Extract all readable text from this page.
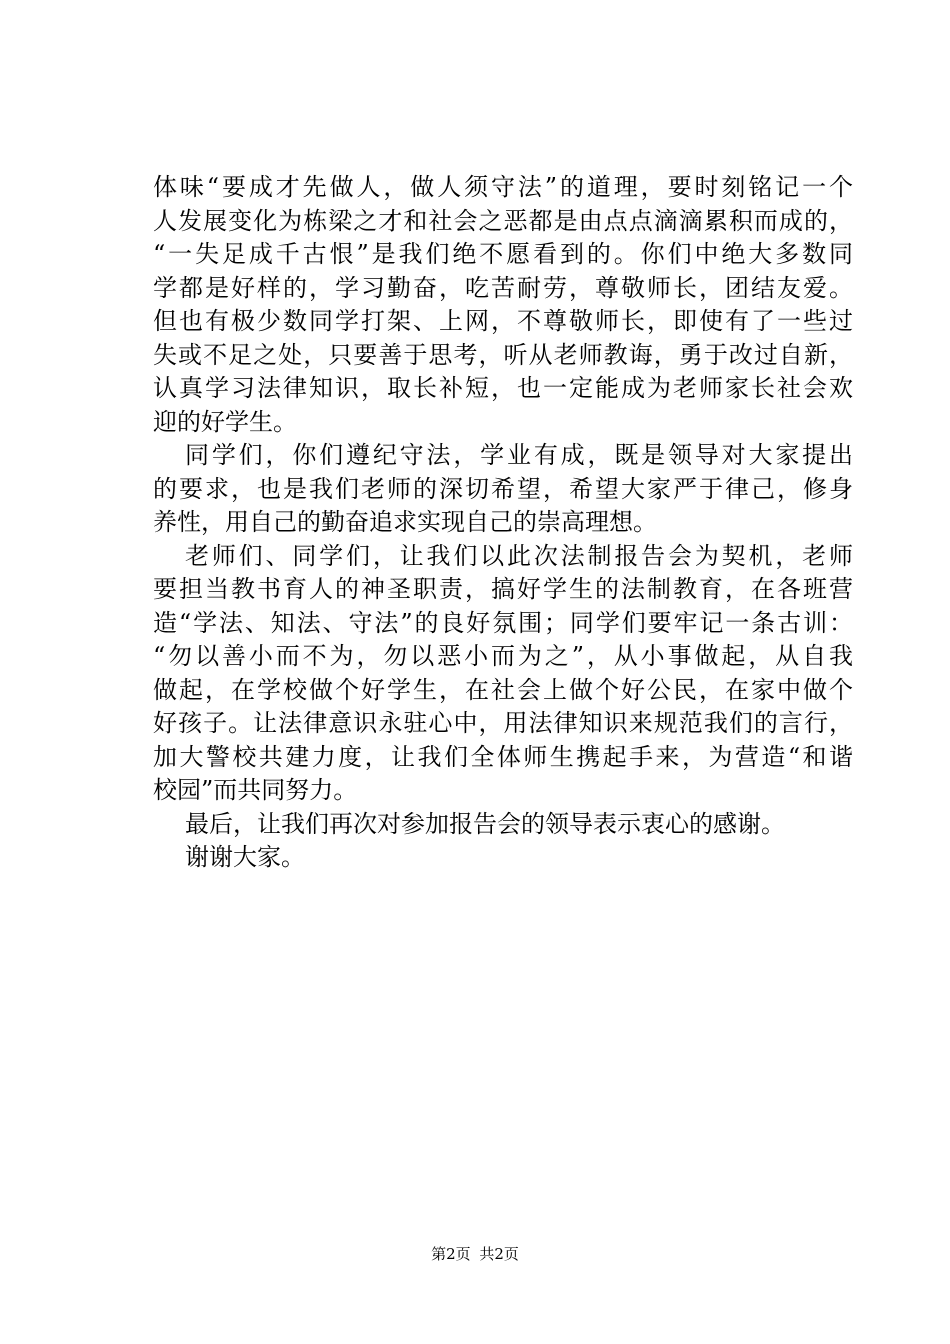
体味“要成才先做人，做人须守法”的道理，要时刻铭记一个
人发展变化为栋梁之才和社会之恶都是由点点滴滴累积而成的，
“一失足成千古恨”是我们绝不愿看到的。你们中绝大多数同
学都是好样的，学习勤奋，吃苦耐劳，尊敬师长，团结友爱。
但也有极少数同学打架、上网，不尊敬师长，即使有了一些过
失或不足之处，只要善于思考，听从老师教诲，勇于改过自新，
认真学习法律知识，取长补短，也一定能成为老师家长社会欢
迎的好学生。
同学们，你们遵纪守法，学业有成，既是领导对大家提出
的要求，也是我们老师的深切希望，希望大家严于律己，修身
养性，用自己的勤奋追求实现自己的崇高理想。
老师们、同学们，让我们以此次法制报告会为契机，老师
要担当教书育人的神圣职责，搞好学生的法制教育，在各班营
造“学法、知法、守法”的良好氛围；同学们要牢记一条古训：
“勿以善小而不为，勿以恶小而为之”，从小事做起，从自我
做起，在学校做个好学生，在社会上做个好公民，在家中做个
好孩子。让法律意识永驻心中，用法律知识来规范我们的言行，
加大警校共建力度，让我们全体师生携起手来，为营造“和谐
校园”而共同努力。
最后，让我们再次对参加报告会的领导表示衷心的感谢。
谢谢大家。
第2页 共2页
